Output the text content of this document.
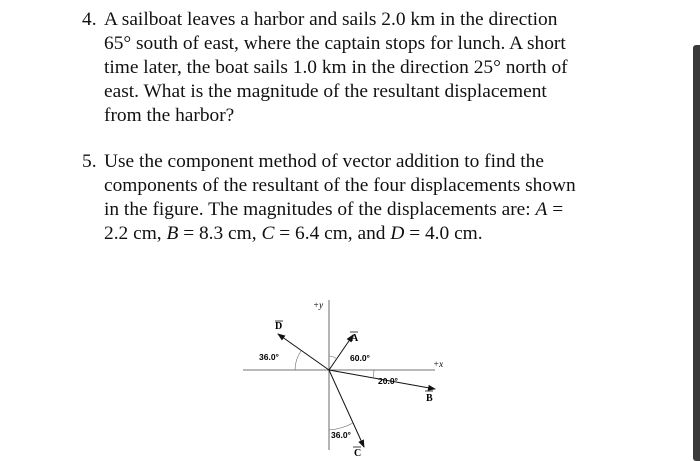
4. A sailboat leaves a harbor and sails 2.0 km in the direction
65° south of east, where the captain stops for lunch. A short
time later, the boat sails 1.0 km in the direction 25° north of
east. What is the magnitude of the resultant displacement
from the harbor?
5. Use the component method of vector addition to find the
components of the resultant of the four displacements shown
in the figure. The magnitudes of the displacements are: A =
2.2 cm, B = 8.3 cm, C = 6.4 cm, and D = 4.0 cm.
+x
+y
D
36.0°
A
60.0°
B
20.0°
C
36.0°
